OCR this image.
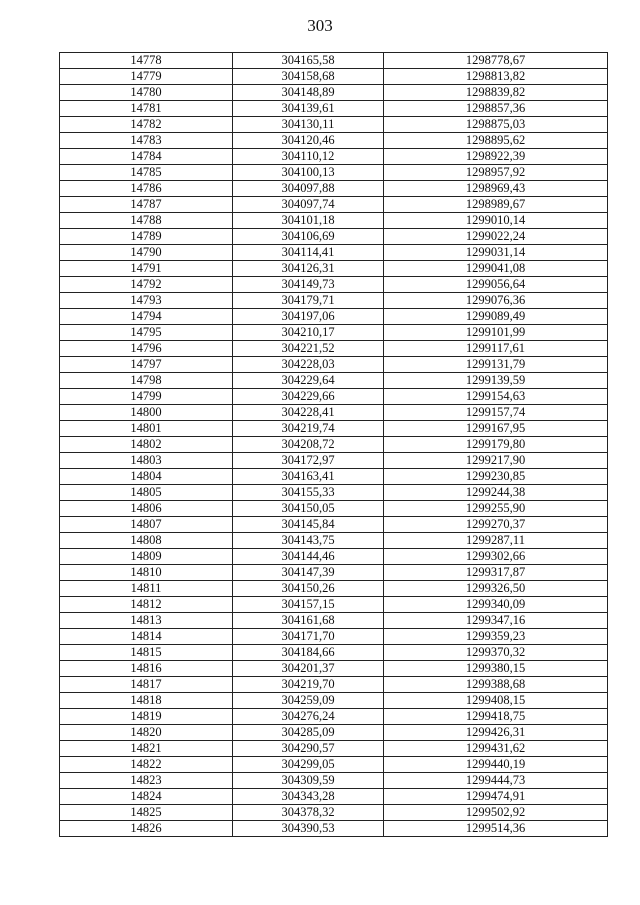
303
14778	304165,58	1298778,67
14779	304158,68	1298813,82
14780	304148,89	1298839,82
14781	304139,61	1298857,36
14782	304130,11	1298875,03
14783	304120,46	1298895,62
14784	304110,12	1298922,39
14785	304100,13	1298957,92
14786	304097,88	1298969,43
14787	304097,74	1298989,67
14788	304101,18	1299010,14
14789	304106,69	1299022,24
14790	304114,41	1299031,14
14791	304126,31	1299041,08
14792	304149,73	1299056,64
14793	304179,71	1299076,36
14794	304197,06	1299089,49
14795	304210,17	1299101,99
14796	304221,52	1299117,61
14797	304228,03	1299131,79
14798	304229,64	1299139,59
14799	304229,66	1299154,63
14800	304228,41	1299157,74
14801	304219,74	1299167,95
14802	304208,72	1299179,80
14803	304172,97	1299217,90
14804	304163,41	1299230,85
14805	304155,33	1299244,38
14806	304150,05	1299255,90
14807	304145,84	1299270,37
14808	304143,75	1299287,11
14809	304144,46	1299302,66
14810	304147,39	1299317,87
14811	304150,26	1299326,50
14812	304157,15	1299340,09
14813	304161,68	1299347,16
14814	304171,70	1299359,23
14815	304184,66	1299370,32
14816	304201,37	1299380,15
14817	304219,70	1299388,68
14818	304259,09	1299408,15
14819	304276,24	1299418,75
14820	304285,09	1299426,31
14821	304290,57	1299431,62
14822	304299,05	1299440,19
14823	304309,59	1299444,73
14824	304343,28	1299474,91
14825	304378,32	1299502,92
14826	304390,53	1299514,36
